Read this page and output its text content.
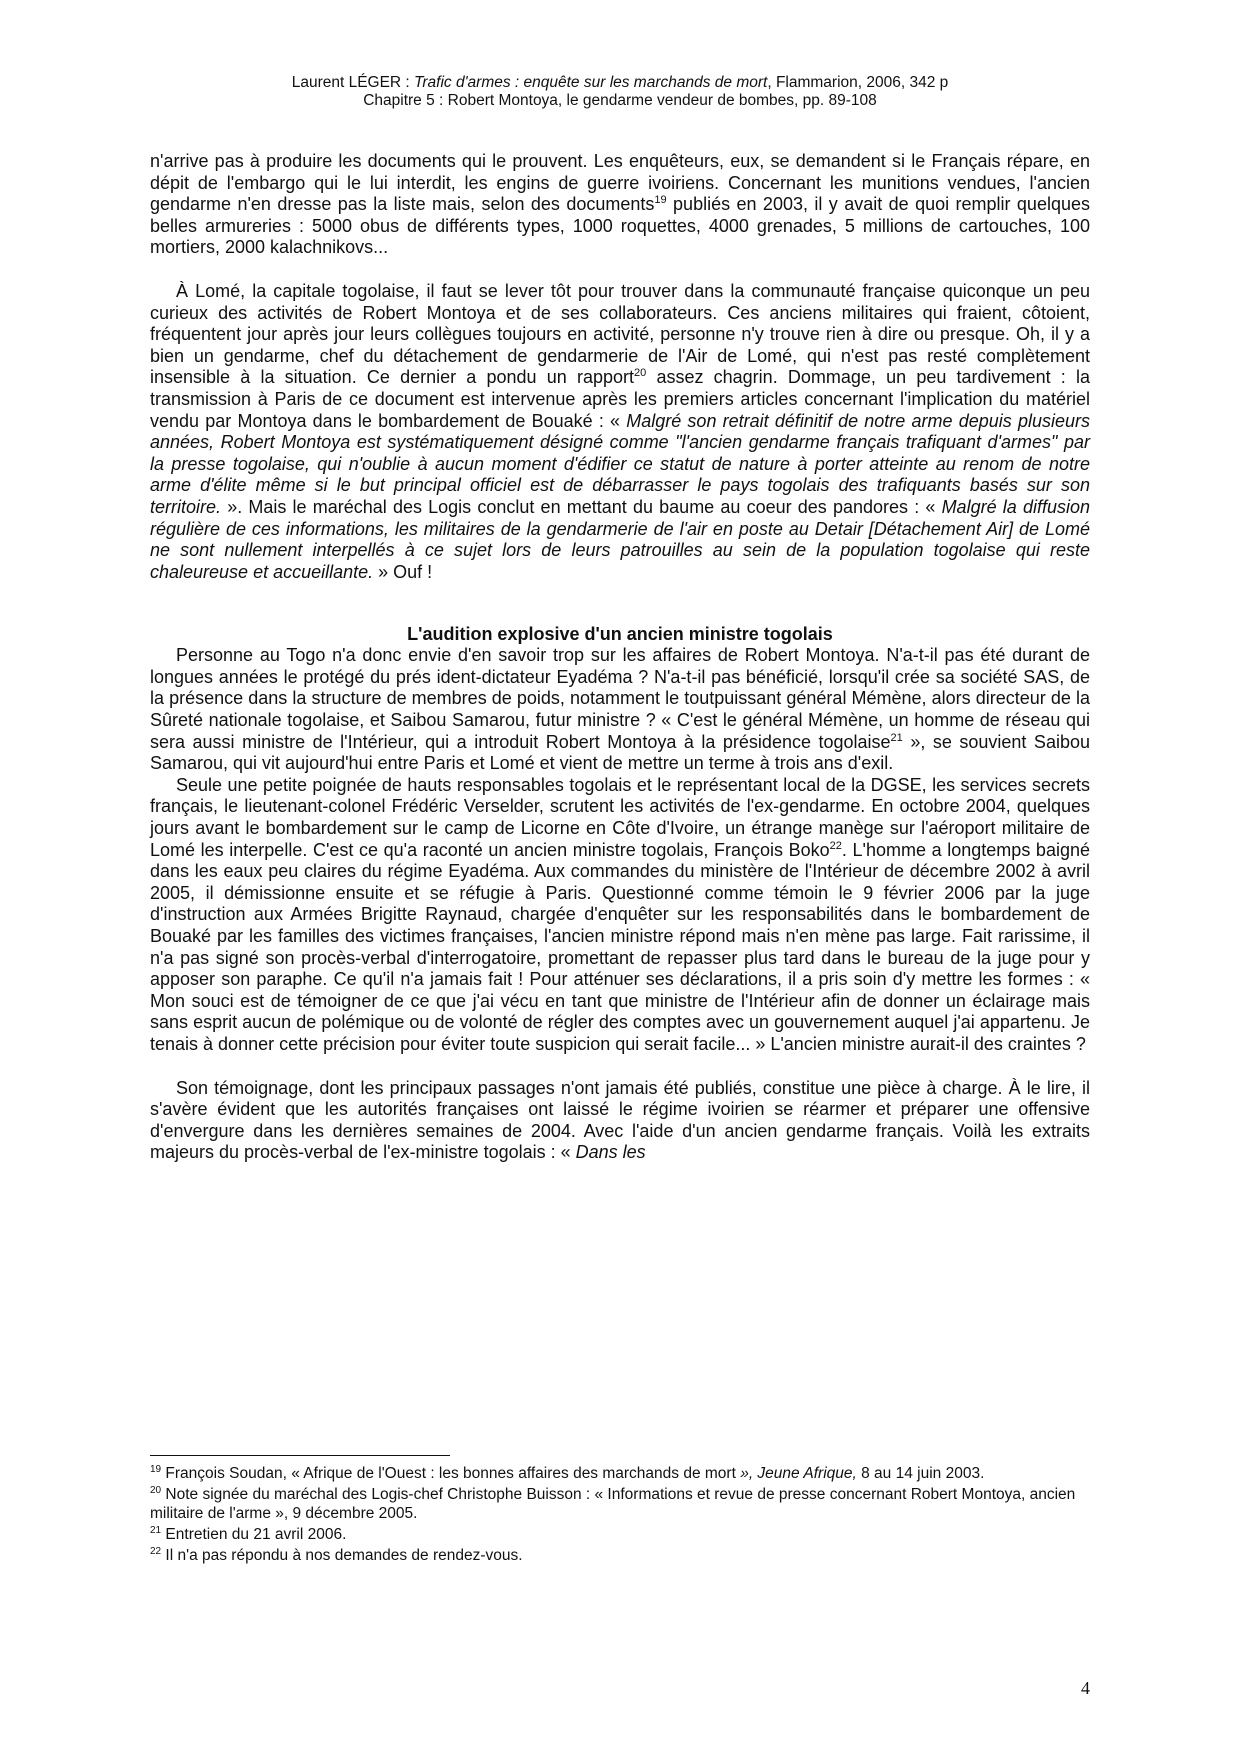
Laurent LÉGER : Trafic d'armes : enquête sur les marchands de mort, Flammarion, 2006, 342 p
Chapitre 5 : Robert Montoya, le gendarme vendeur de bombes, pp. 89-108

n'arrive pas à produire les documents qui le prouvent. Les enquêteurs, eux, se demandent si le Français répare, en dépit de l'embargo qui le lui interdit, les engins de guerre ivoiriens. Concernant les munitions vendues, l'ancien gendarme n'en dresse pas la liste mais, selon des documents$^{19}$ publiés en 2003, il y avait de quoi remplir quelques belles armureries : 5000 obus de différents types, 1000 roquettes, 4000 grenades, 5 millions de cartouches, 100 mortiers, 2000 kalachnikovs...

À Lomé, la capitale togolaise, il faut se lever tôt pour trouver dans la communauté française quiconque un peu curieux des activités de Robert Montoya et de ses collaborateurs. Ces anciens militaires qui fraient, côtoient, fréquentent jour après jour leurs collègues toujours en activité, personne n'y trouve rien à dire ou presque. Oh, il y a bien un gendarme, chef du détachement de gendarmerie de l'Air de Lomé, qui n'est pas resté complètement insensible à la situation. Ce dernier a pondu un rapport$^{20}$ assez chagrin. Dommage, un peu tardivement : la transmission à Paris de ce document est intervenue après les premiers articles concernant l'implication du matériel vendu par Montoya dans le bombardement de Bouaké : « Malgré son retrait définitif de notre arme depuis plusieurs années, Robert Montoya est systématiquement désigné comme "l'ancien gendarme français trafiquant d'armes" par la presse togolaise, qui n'oublie à aucun moment d'édifier ce statut de nature à porter atteinte au renom de notre arme d'élite même si le but principal officiel est de débarrasser le pays togolais des trafiquants basés sur son territoire. ». Mais le maréchal des Logis conclut en mettant du baume au coeur des pandores : « Malgré la diffusion régulière de ces informations, les militaires de la gendarmerie de l'air en poste au Detair [Détachement Air] de Lomé ne sont nullement interpellés à ce sujet lors de leurs patrouilles au sein de la population togolaise qui reste chaleureuse et accueillante. » Ouf !

L'audition explosive d'un ancien ministre togolais

Personne au Togo n'a donc envie d'en savoir trop sur les affaires de Robert Montoya. N'a-t-il pas été durant de longues années le protégé du prés ident-dictateur Eyadéma ? N'a-t-il pas bénéficié, lorsqu'il crée sa société SAS, de la présence dans la structure de membres de poids, notamment le toutpuissant général Mémène, alors directeur de la Sûreté nationale togolaise, et Saibou Samarou, futur ministre ? « C'est le général Mémène, un homme de réseau qui sera aussi ministre de l'Intérieur, qui a introduit Robert Montoya à la présidence togolaise$^{21}$ », se souvient Saibou Samarou, qui vit aujourd'hui entre Paris et Lomé et vient de mettre un terme à trois ans d'exil.

Seule une petite poignée de hauts responsables togolais et le représentant local de la DGSE, les services secrets français, le lieutenant-colonel Frédéric Verselder, scrutent les activités de l'ex-gendarme. En octobre 2004, quelques jours avant le bombardement sur le camp de Licorne en Côte d'Ivoire, un étrange manège sur l'aéroport militaire de Lomé les interpelle. C'est ce qu'a raconté un ancien ministre togolais, François Boko$^{22}$. L'homme a longtemps baigné dans les eaux peu claires du régime Eyadéma. Aux commandes du ministère de l'Intérieur de décembre 2002 à avril 2005, il démissionne ensuite et se réfugie à Paris. Questionné comme témoin le 9 février 2006 par la juge d'instruction aux Armées Brigitte Raynaud, chargée d'enquêter sur les responsabilités dans le bombardement de Bouaké par les familles des victimes françaises, l'ancien ministre répond mais n'en mène pas large. Fait rarissime, il n'a pas signé son procès-verbal d'interrogatoire, promettant de repasser plus tard dans le bureau de la juge pour y apposer son paraphe. Ce qu'il n'a jamais fait ! Pour atténuer ses déclarations, il a pris soin d'y mettre les formes : « Mon souci est de témoigner de ce que j'ai vécu en tant que ministre de l'Intérieur afin de donner un éclairage mais sans esprit aucun de polémique ou de volonté de régler des comptes avec un gouvernement auquel j'ai appartenu. Je tenais à donner cette précision pour éviter toute suspicion qui serait facile... » L'ancien ministre aurait-il des craintes ?

Son témoignage, dont les principaux passages n'ont jamais été publiés, constitue une pièce à charge. À le lire, il s'avère évident que les autorités françaises ont laissé le régime ivoirien se réarmer et préparer une offensive d'envergure dans les dernières semaines de 2004. Avec l'aide d'un ancien gendarme français. Voilà les extraits majeurs du procès-verbal de l'ex-ministre togolais : « Dans les

$^{19}$ François Soudan, « Afrique de l'Ouest : les bonnes affaires des marchands de mort », Jeune Afrique, 8 au 14 juin 2003.
$^{20}$ Note signée du maréchal des Logis-chef Christophe Buisson : « Informations et revue de presse concernant Robert Montoya, ancien militaire de l'arme », 9 décembre 2005.
$^{21}$ Entretien du 21 avril 2006.
$^{22}$ Il n'a pas répondu à nos demandes de rendez-vous.
4
